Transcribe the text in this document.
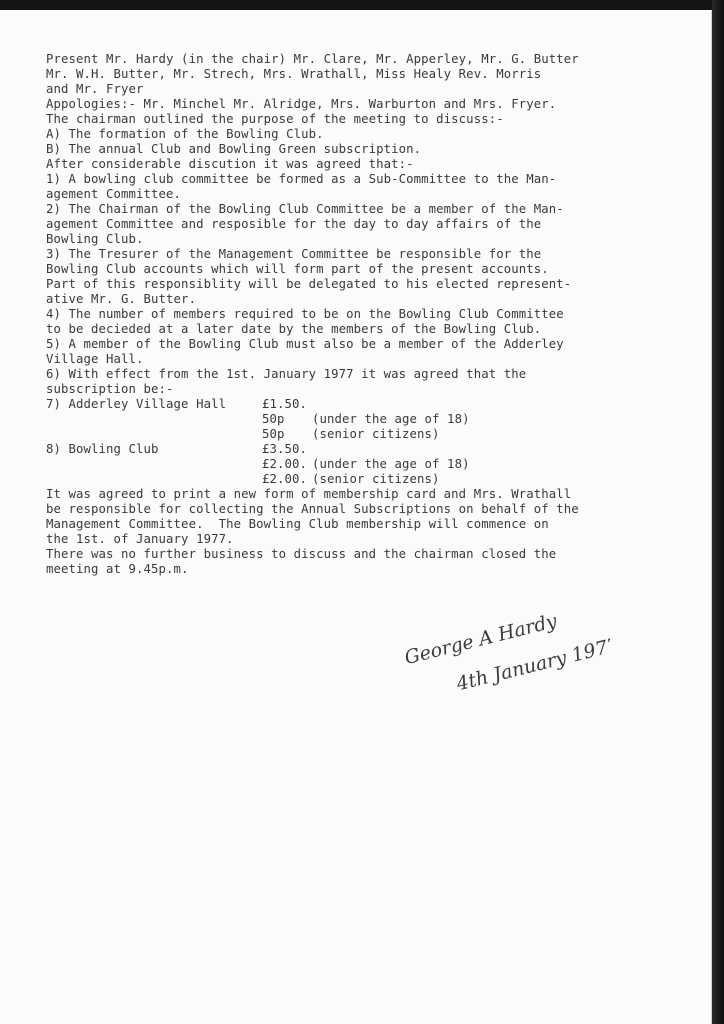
Present Mr. Hardy (in the chair) Mr. Clare, Mr. Apperley, Mr. G. Butter
Mr. W.H. Butter, Mr. Strech, Mrs. Wrathall, Miss Healy Rev. Morris
and Mr. Fryer
Appologies:- Mr. Minchel Mr. Alridge, Mrs. Warburton and Mrs. Fryer.
The chairman outlined the purpose of the meeting to discuss:-
A) The formation of the Bowling Club.
B) The annual Club and Bowling Green subscription.
After considerable discution it was agreed that:-
1) A bowling club committee be formed as a Sub-Committee to the Man-
agement Committee.
2) The Chairman of the Bowling Club Committee be a member of the Man-
agement Committee and resposible for the day to day affairs of the
Bowling Club.
3) The Tresurer of the Management Committee be responsible for the
Bowling Club accounts which will form part of the present accounts.
Part of this responsiblity will be delegated to his elected represent-
ative Mr. G. Butter.
4) The number of members required to be on the Bowling Club Committee
to be decieded at a later date by the members of the Bowling Club.
5) A member of the Bowling Club must also be a member of the Adderley
Village Hall.
6) With effect from the 1st. January 1977 it was agreed that the
subscription be:-
7) Adderley Village Hall	£1.50.
50p	(under the age of 18)
50p	(senior citizens)
8) Bowling Club	£3.50.
£2.00. (under the age of 18)
£2.00. (senior citizens)
It was agreed to print a new form of membership card and Mrs. Wrathall
be responsible for collecting the Annual Subscriptions on behalf of the
Management Committee.  The Bowling Club membership will commence on
the 1st. of January 1977.
There was no further business to discuss and the chairman closed the
meeting at 9.45p.m.
George A Hardy
4th January 1977.
